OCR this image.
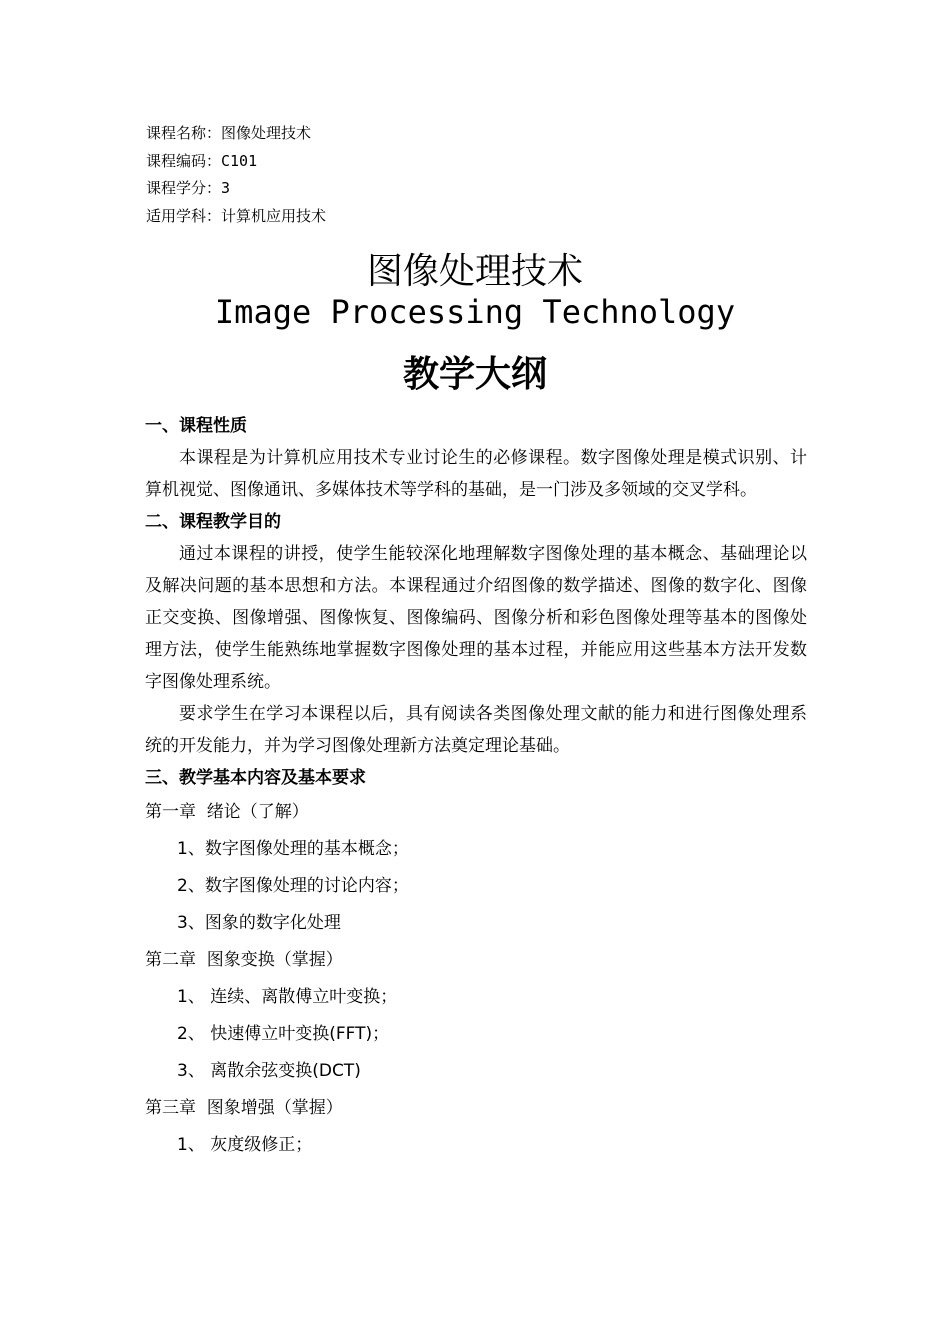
课程名称：图像处理技术
课程编码：C101
课程学分：3
适用学科：计算机应用技术
图像处理技术
Image Processing Technology
教学大纲
一、课程性质

本课程是为计算机应用技术专业讨论生的必修课程。数字图像处理是模式识别、计算机视觉、图像通讯、多媒体技术等学科的基础，是一门涉及多领域的交叉学科。

二、课程教学目的

通过本课程的讲授，使学生能较深化地理解数字图像处理的基本概念、基础理论以及解决问题的基本思想和方法。本课程通过介绍图像的数学描述、图像的数字化、图像正交变换、图像增强、图像恢复、图像编码、图像分析和彩色图像处理等基本的图像处理方法，使学生能熟练地掌握数字图像处理的基本过程，并能应用这些基本方法开发数字图像处理系统。

要求学生在学习本课程以后，具有阅读各类图像处理文献的能力和进行图像处理系统的开发能力，并为学习图像处理新方法奠定理论基础。

三、教学基本内容及基本要求
第一章  绪论（了解）
1、数字图像处理的基本概念；
2、数字图像处理的讨论内容；
3、图象的数字化处理
第二章  图象变换（掌握）
1、 连续、离散傅立叶变换；
2、 快速傅立叶变换(FFT)；
3、 离散余弦变换(DCT)
第三章  图象增强（掌握）
1、 灰度级修正；
